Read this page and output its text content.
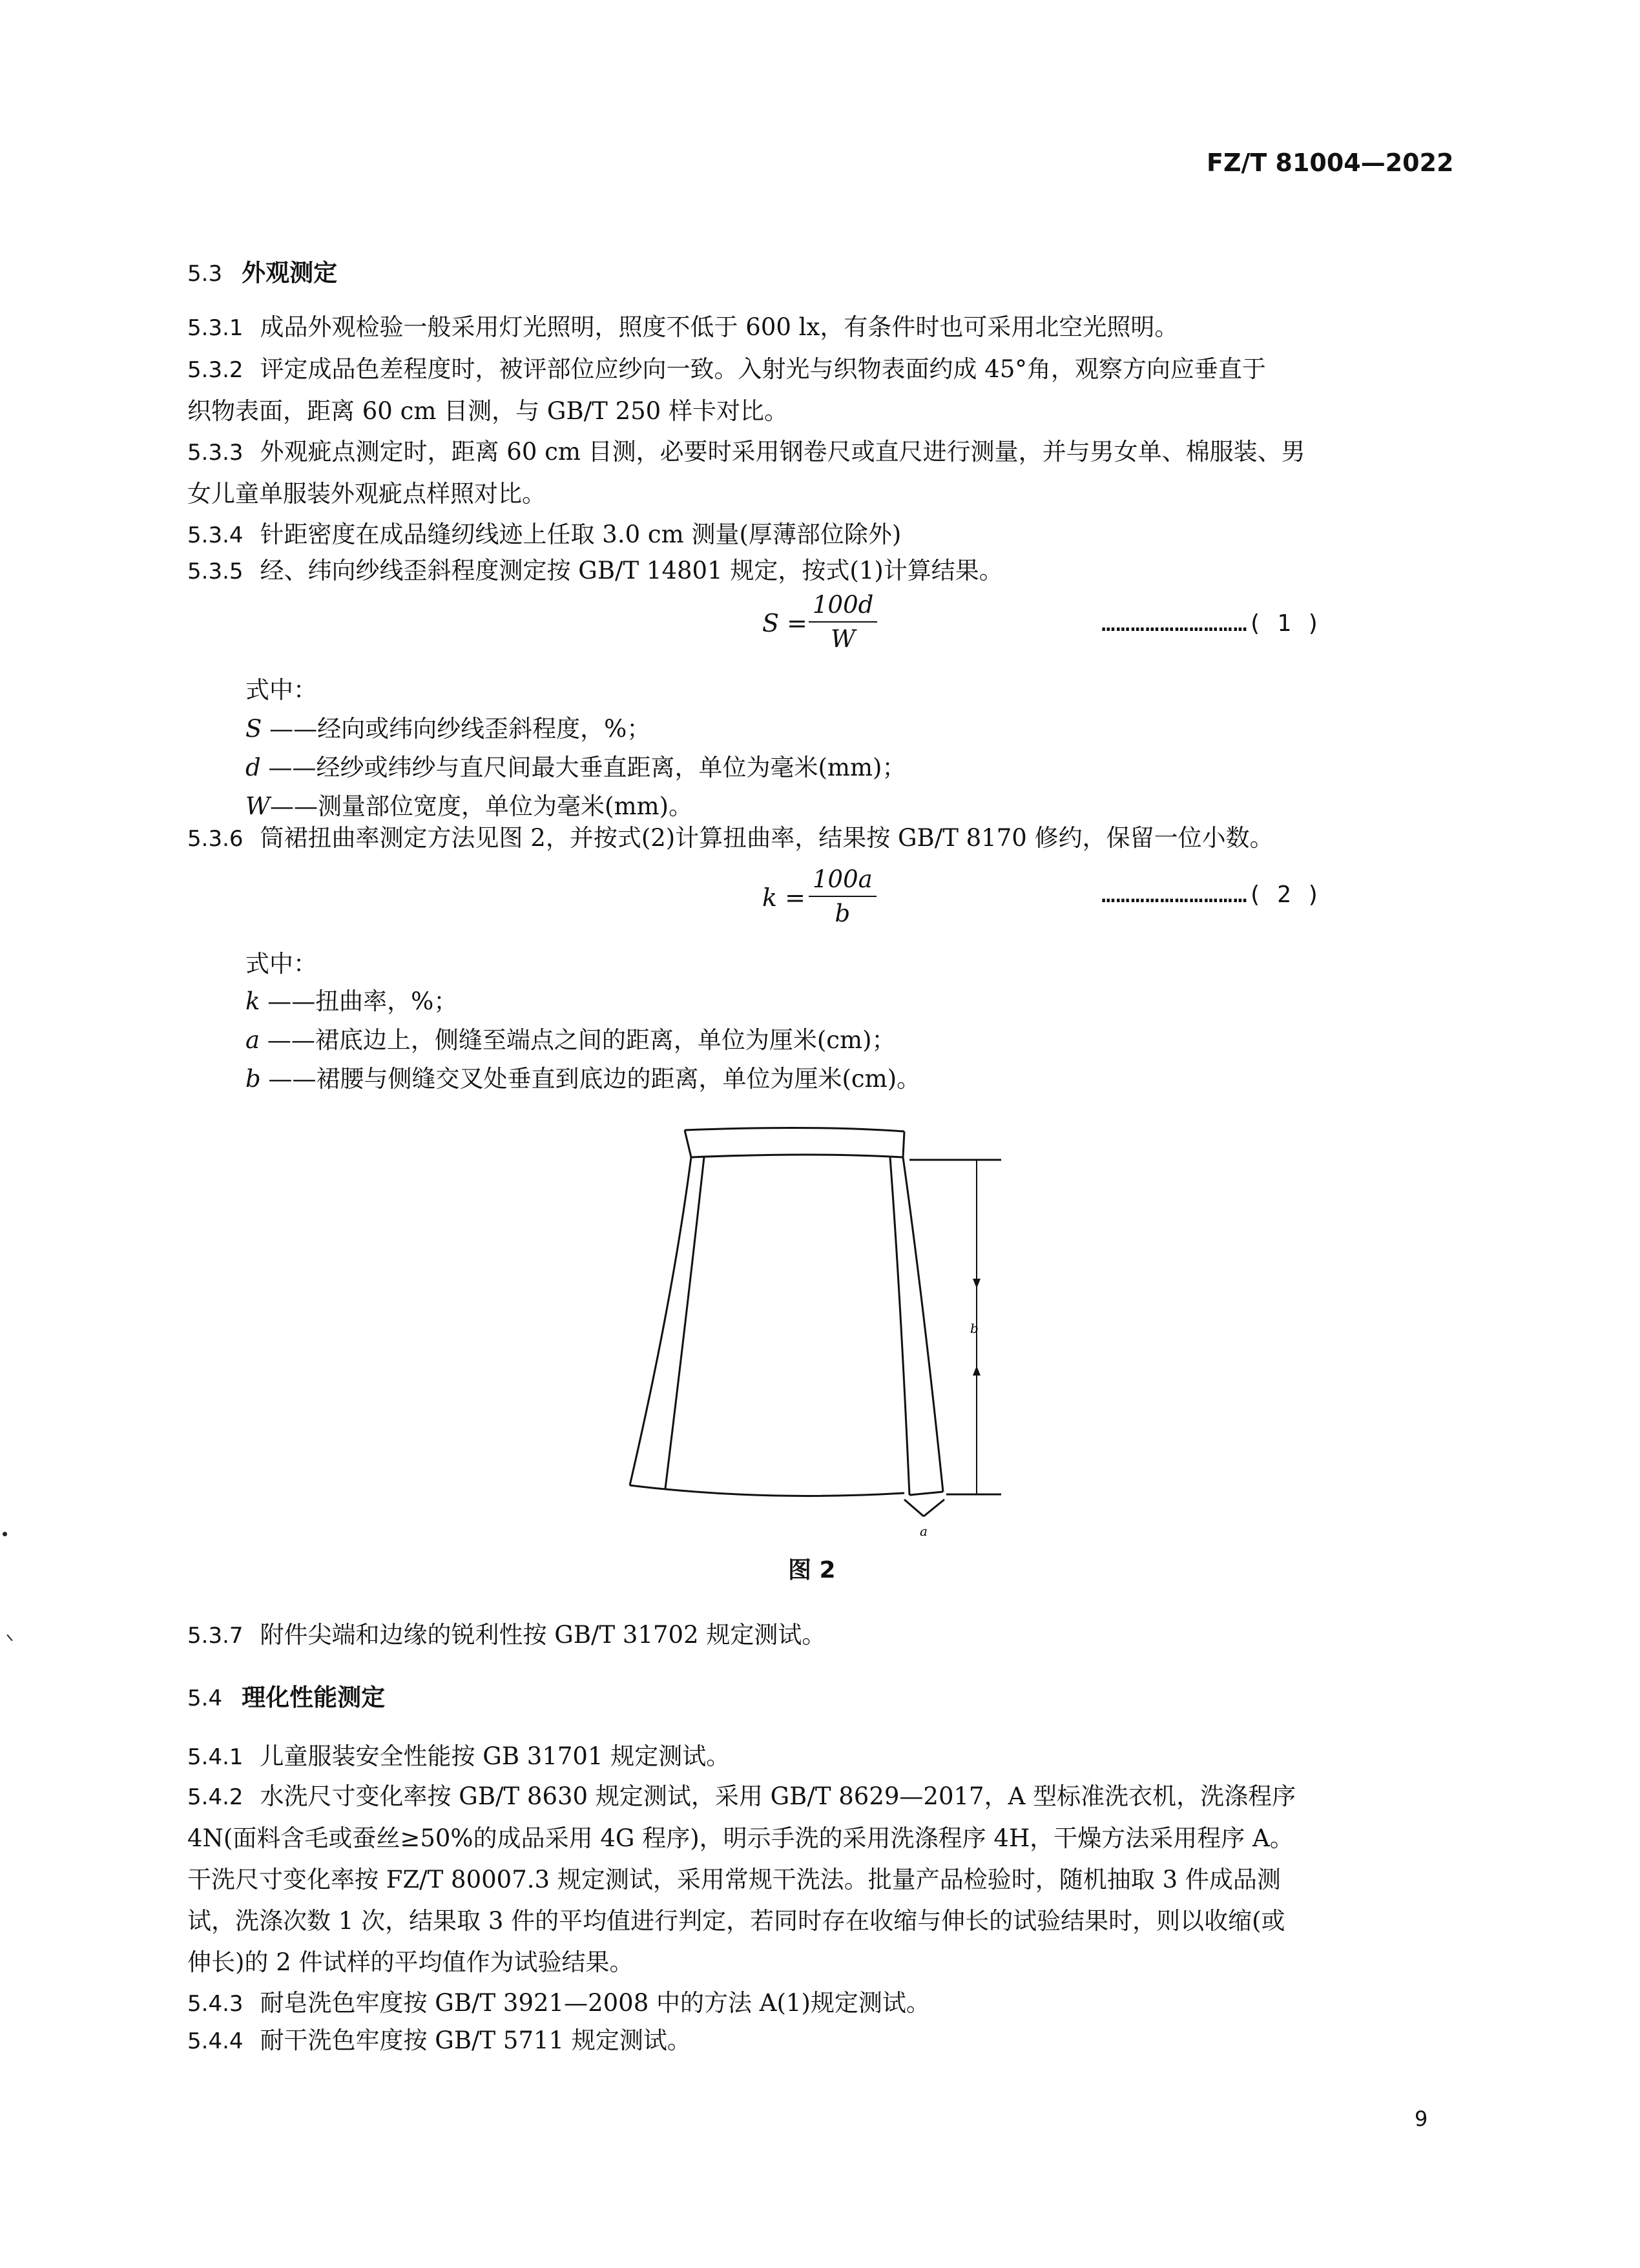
FZ/T 81004—2022
5.3 外观测定
5.3.1 成品外观检验一般采用灯光照明，照度不低于 600 lx，有条件时也可采用北空光照明。
5.3.2 评定成品色差程度时，被评部位应纱向一致。入射光与织物表面约成 45°角，观察方向应垂直于
织物表面，距离 60 cm 目测，与 GB/T 250 样卡对比。
5.3.3 外观疵点测定时，距离 60 cm 目测，必要时采用钢卷尺或直尺进行测量，并与男女单、棉服装、男
女儿童单服装外观疵点样照对比。
5.3.4 针距密度在成品缝纫线迹上任取 3.0 cm 测量(厚薄部位除外)
5.3.5 经、纬向纱线歪斜程度测定按 GB/T 14801 规定，按式(1)计算结果。
$S = \frac{100d}{W}$	…………………………( 1 )
式中：
S ——经向或纬向纱线歪斜程度，%；
d ——经纱或纬纱与直尺间最大垂直距离，单位为毫米(mm)；
W——测量部位宽度，单位为毫米(mm)。
5.3.6 筒裙扭曲率测定方法见图 2，并按式(2)计算扭曲率，结果按 GB/T 8170 修约，保留一位小数。
$k = \frac{100a}{b}$	…………………………( 2 )
式中：
k ——扭曲率，%；
a ——裙底边上，侧缝至端点之间的距离，单位为厘米(cm)；
b ——裙腰与侧缝交叉处垂直到底边的距离，单位为厘米(cm)。
b
a
图 2
5.3.7 附件尖端和边缘的锐利性按 GB/T 31702 规定测试。
5.4 理化性能测定
5.4.1 儿童服装安全性能按 GB 31701 规定测试。
5.4.2 水洗尺寸变化率按 GB/T 8630 规定测试，采用 GB/T 8629—2017，A 型标准洗衣机，洗涤程序
4N(面料含毛或蚕丝≥50%的成品采用 4G 程序)，明示手洗的采用洗涤程序 4H，干燥方法采用程序 A。
干洗尺寸变化率按 FZ/T 80007.3 规定测试，采用常规干洗法。批量产品检验时，随机抽取 3 件成品测
试，洗涤次数 1 次，结果取 3 件的平均值进行判定，若同时存在收缩与伸长的试验结果时，则以收缩(或
伸长)的 2 件试样的平均值作为试验结果。
5.4.3 耐皂洗色牢度按 GB/T 3921—2008 中的方法 A(1)规定测试。
5.4.4 耐干洗色牢度按 GB/T 5711 规定测试。
9
